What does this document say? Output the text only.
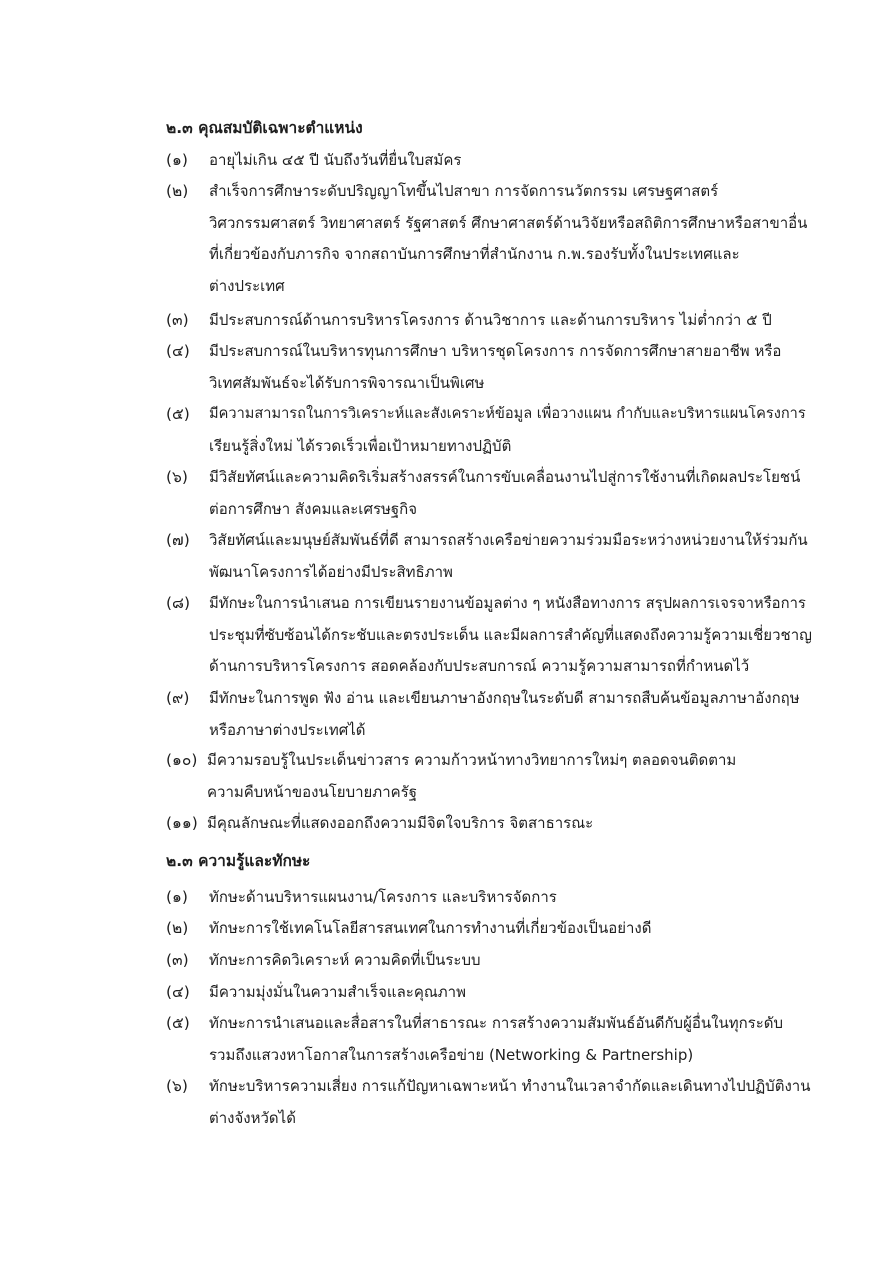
๒.๓ คุณสมบัติเฉพาะตำแหน่ง
(๑) อายุไม่เกิน ๔๕ ปี นับถึงวันที่ยื่นใบสมัคร
(๒) สำเร็จการศึกษาระดับปริญญาโทขึ้นไปสาขา การจัดการนวัตกรรม เศรษฐศาสตร์
วิศวกรรมศาสตร์ วิทยาศาสตร์ รัฐศาสตร์ ศึกษาศาสตร์ด้านวิจัยหรือสถิติการศึกษาหรือสาขาอื่น
ที่เกี่ยวข้องกับภารกิจ จากสถาบันการศึกษาที่สำนักงาน ก.พ.รองรับทั้งในประเทศและ
ต่างประเทศ
(๓) มีประสบการณ์ด้านการบริหารโครงการ ด้านวิชาการ และด้านการบริหาร ไม่ต่ำกว่า ๕ ปี
(๔) มีประสบการณ์ในบริหารทุนการศึกษา บริหารชุดโครงการ การจัดการศึกษาสายอาชีพ หรือ
วิเทศสัมพันธ์จะได้รับการพิจารณาเป็นพิเศษ
(๕) มีความสามารถในการวิเคราะห์และสังเคราะห์ข้อมูล เพื่อวางแผน กำกับและบริหารแผนโครงการ
เรียนรู้สิ่งใหม่ ได้รวดเร็วเพื่อเป้าหมายทางปฏิบัติ
(๖) มีวิสัยทัศน์และความคิดริเริ่มสร้างสรรค์ในการขับเคลื่อนงานไปสู่การใช้งานที่เกิดผลประโยชน์
ต่อการศึกษา สังคมและเศรษฐกิจ
(๗) วิสัยทัศน์และมนุษย์สัมพันธ์ที่ดี สามารถสร้างเครือข่ายความร่วมมือระหว่างหน่วยงานให้ร่วมกัน
พัฒนาโครงการได้อย่างมีประสิทธิภาพ
(๘) มีทักษะในการนำเสนอ การเขียนรายงานข้อมูลต่าง ๆ หนังสือทางการ สรุปผลการเจรจาหรือการ
ประชุมที่ซับซ้อนได้กระชับและตรงประเด็น และมีผลการสำคัญที่แสดงถึงความรู้ความเชี่ยวชาญ
ด้านการบริหารโครงการ สอดคล้องกับประสบการณ์ ความรู้ความสามารถที่กำหนดไว้
(๙) มีทักษะในการพูด ฟัง อ่าน และเขียนภาษาอังกฤษในระดับดี สามารถสืบค้นข้อมูลภาษาอังกฤษ
หรือภาษาต่างประเทศได้
(๑๐) มีความรอบรู้ในประเด็นข่าวสาร ความก้าวหน้าทางวิทยาการใหม่ๆ ตลอดจนติดตาม
ความคืบหน้าของนโยบายภาครัฐ
(๑๑) มีคุณลักษณะที่แสดงออกถึงความมีจิตใจบริการ จิตสาธารณะ
๒.๓ ความรู้และทักษะ
(๑) ทักษะด้านบริหารแผนงาน/โครงการ และบริหารจัดการ
(๒) ทักษะการใช้เทคโนโลยีสารสนเทศในการทำงานที่เกี่ยวข้องเป็นอย่างดี
(๓) ทักษะการคิดวิเคราะห์ ความคิดที่เป็นระบบ
(๔) มีความมุ่งมั่นในความสำเร็จและคุณภาพ
(๕) ทักษะการนำเสนอและสื่อสารในที่สาธารณะ การสร้างความสัมพันธ์อันดีกับผู้อื่นในทุกระดับ
รวมถึงแสวงหาโอกาสในการสร้างเครือข่าย (Networking & Partnership)
(๖) ทักษะบริหารความเสี่ยง การแก้ปัญหาเฉพาะหน้า ทำงานในเวลาจำกัดและเดินทางไปปฏิบัติงาน
ต่างจังหวัดได้
